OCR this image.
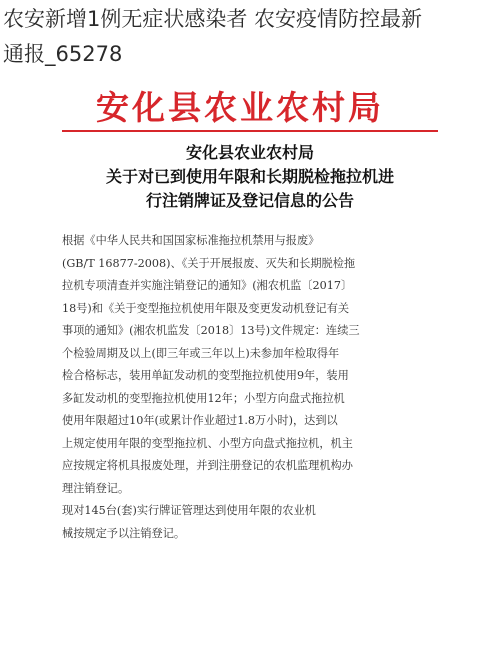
农安新增1例无症状感染者 农安疫情防控最新
通报_65278
安化县农业农村局
安化县农业农村局
关于对已到使用年限和长期脱检拖拉机进
行注销牌证及登记信息的公告
根据《中华人民共和国国家标准拖拉机禁用与报废》
(GB/T 16877-2008)、《关于开展报废、灭失和长期脱检拖
拉机专项清查并实施注销登记的通知》(湘农机监〔2017〕
18号)和《关于变型拖拉机使用年限及变更发动机登记有关
事项的通知》(湘农机监发〔2018〕13号)文件规定：连续三
个检验周期及以上(即三年或三年以上)未参加年检取得年
检合格标志，装用单缸发动机的变型拖拉机使用9年，装用
多缸发动机的变型拖拉机使用12年；小型方向盘式拖拉机
使用年限超过10年(或累计作业超过1.8万小时)，达到以
上规定使用年限的变型拖拉机、小型方向盘式拖拉机，机主
应按规定将机具报废处理，并到注册登记的农机监理机构办
理注销登记。
现对145台(套)实行牌证管理达到使用年限的农业机
械按规定予以注销登记。
